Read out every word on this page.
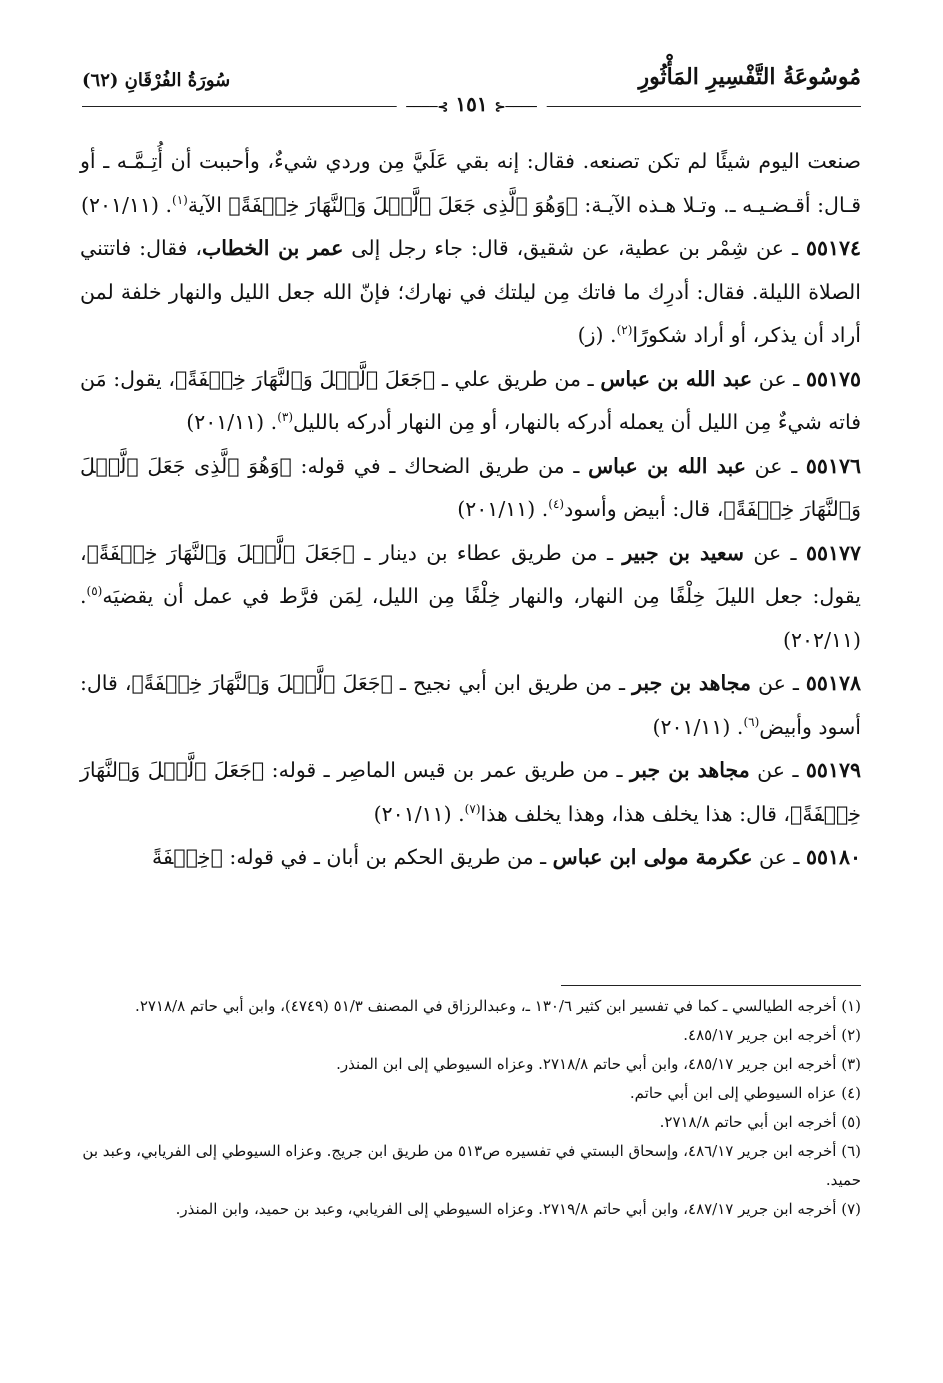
مُوسُوعَةُ التَّفْسِيرِ المَأْثُورِ
سُورَةُ الفُرْقَانِ (٦٢)
────⊰ ١٥١ ⊱────

صنعت اليوم شيئًا لم تكن تصنعه. فقال: إنه بقي عَلَيَّ مِن وردي شيءٌ، وأحببت أن أُتِـمَّـه ـ أو قـال: أقـضـيـه ـ. وتـلا هـذه الآيـة: ﴿وَهُوَ ٱلَّذِى جَعَلَ ٱلَّيۡلَ وَٱلنَّهَارَ خِلۡفَةً﴾ الآية$^{(١)}$. (٢٠١/١١)

٥٥١٧٤ ـ عن شِمْر بن عطية، عن شقيق، قال: جاء رجل إلى عمر بن الخطاب، فقال: فاتتني الصلاة الليلة. فقال: أدرِك ما فاتك مِن ليلتك في نهارك؛ فإنّ الله جعل الليل والنهار خلفة لمن أراد أن يذكر، أو أراد شكورًا$^{(٢)}$. (ز)

٥٥١٧٥ ـ عن عبد الله بن عباس ـ من طريق علي ـ ﴿جَعَلَ ٱلَّيۡلَ وَٱلنَّهَارَ خِلۡفَةً﴾، يقول: مَن فاته شيءٌ مِن الليل أن يعمله أدركه بالنهار، أو مِن النهار أدركه بالليل$^{(٣)}$. (٢٠١/١١)

٥٥١٧٦ ـ عن عبد الله بن عباس ـ من طريق الضحاك ـ في قوله: ﴿وَهُوَ ٱلَّذِى جَعَلَ ٱلَّيۡلَ وَٱلنَّهَارَ خِلۡفَةً﴾، قال: أبيض وأسود$^{(٤)}$. (٢٠١/١١)

٥٥١٧٧ ـ عن سعيد بن جبير ـ من طريق عطاء بن دينار ـ ﴿جَعَلَ ٱلَّيۡلَ وَٱلنَّهَارَ خِلۡفَةً﴾، يقول: جعل الليلَ خِلْفًا مِن النهار، والنهار خِلْفًا مِن الليل، لِمَن فرَّط في عمل أن يقضيَه$^{(٥)}$. (٢٠٢/١١)

٥٥١٧٨ ـ عن مجاهد بن جبر ـ من طريق ابن أبي نجيح ـ ﴿جَعَلَ ٱلَّيۡلَ وَٱلنَّهَارَ خِلۡفَةً﴾، قال: أسود وأبيض$^{(٦)}$. (٢٠١/١١)

٥٥١٧٩ ـ عن مجاهد بن جبر ـ من طريق عمر بن قيس الماصِر ـ قوله: ﴿جَعَلَ ٱلَّيۡلَ وَٱلنَّهَارَ خِلۡفَةً﴾، قال: هذا يخلف هذا، وهذا يخلف هذا$^{(٧)}$. (٢٠١/١١)

٥٥١٨٠ ـ عن عكرمة مولى ابن عباس ـ من طريق الحكم بن أبان ـ في قوله: ﴿خِلۡفَةً

(١) أخرجه الطيالسي ـ كما في تفسير ابن كثير ١٣٠/٦ ـ، وعبدالرزاق في المصنف ٥١/٣ (٤٧٤٩)، وابن أبي حاتم ٢٧١٨/٨.

(٢) أخرجه ابن جرير ٤٨٥/١٧.

(٣) أخرجه ابن جرير ٤٨٥/١٧، وابن أبي حاتم ٢٧١٨/٨. وعزاه السيوطي إلى ابن المنذر.

(٤) عزاه السيوطي إلى ابن أبي حاتم.

(٥) أخرجه ابن أبي حاتم ٢٧١٨/٨.

(٦) أخرجه ابن جرير ٤٨٦/١٧، وإسحاق البستي في تفسيره ص٥١٣ من طريق ابن جريج. وعزاه السيوطي إلى الفريابي، وعبد بن حميد.

(٧) أخرجه ابن جرير ٤٨٧/١٧، وابن أبي حاتم ٢٧١٩/٨. وعزاه السيوطي إلى الفريابي، وعبد بن حميد، وابن المنذر.
